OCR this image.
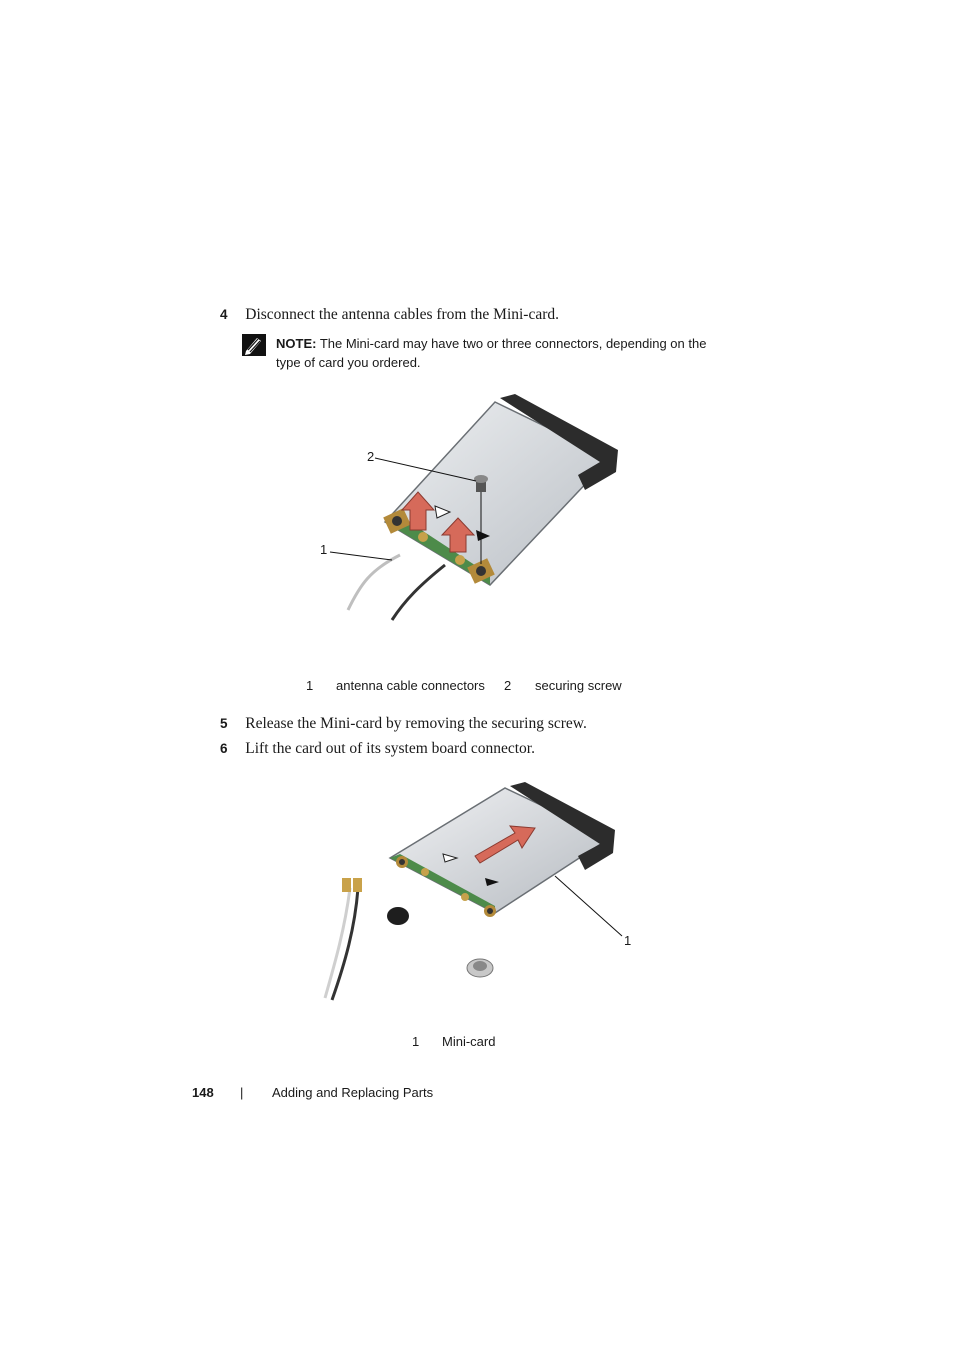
4 Disconnect the antenna cables from the Mini-card.
NOTE: The Mini-card may have two or three connectors, depending on the type of card you ordered.
2
1
1 antenna cable connectors 2 securing screw
5 Release the Mini-card by removing the securing screw.
6 Lift the card out of its system board connector.
1
1 Mini-card
148 | Adding and Replacing Parts
